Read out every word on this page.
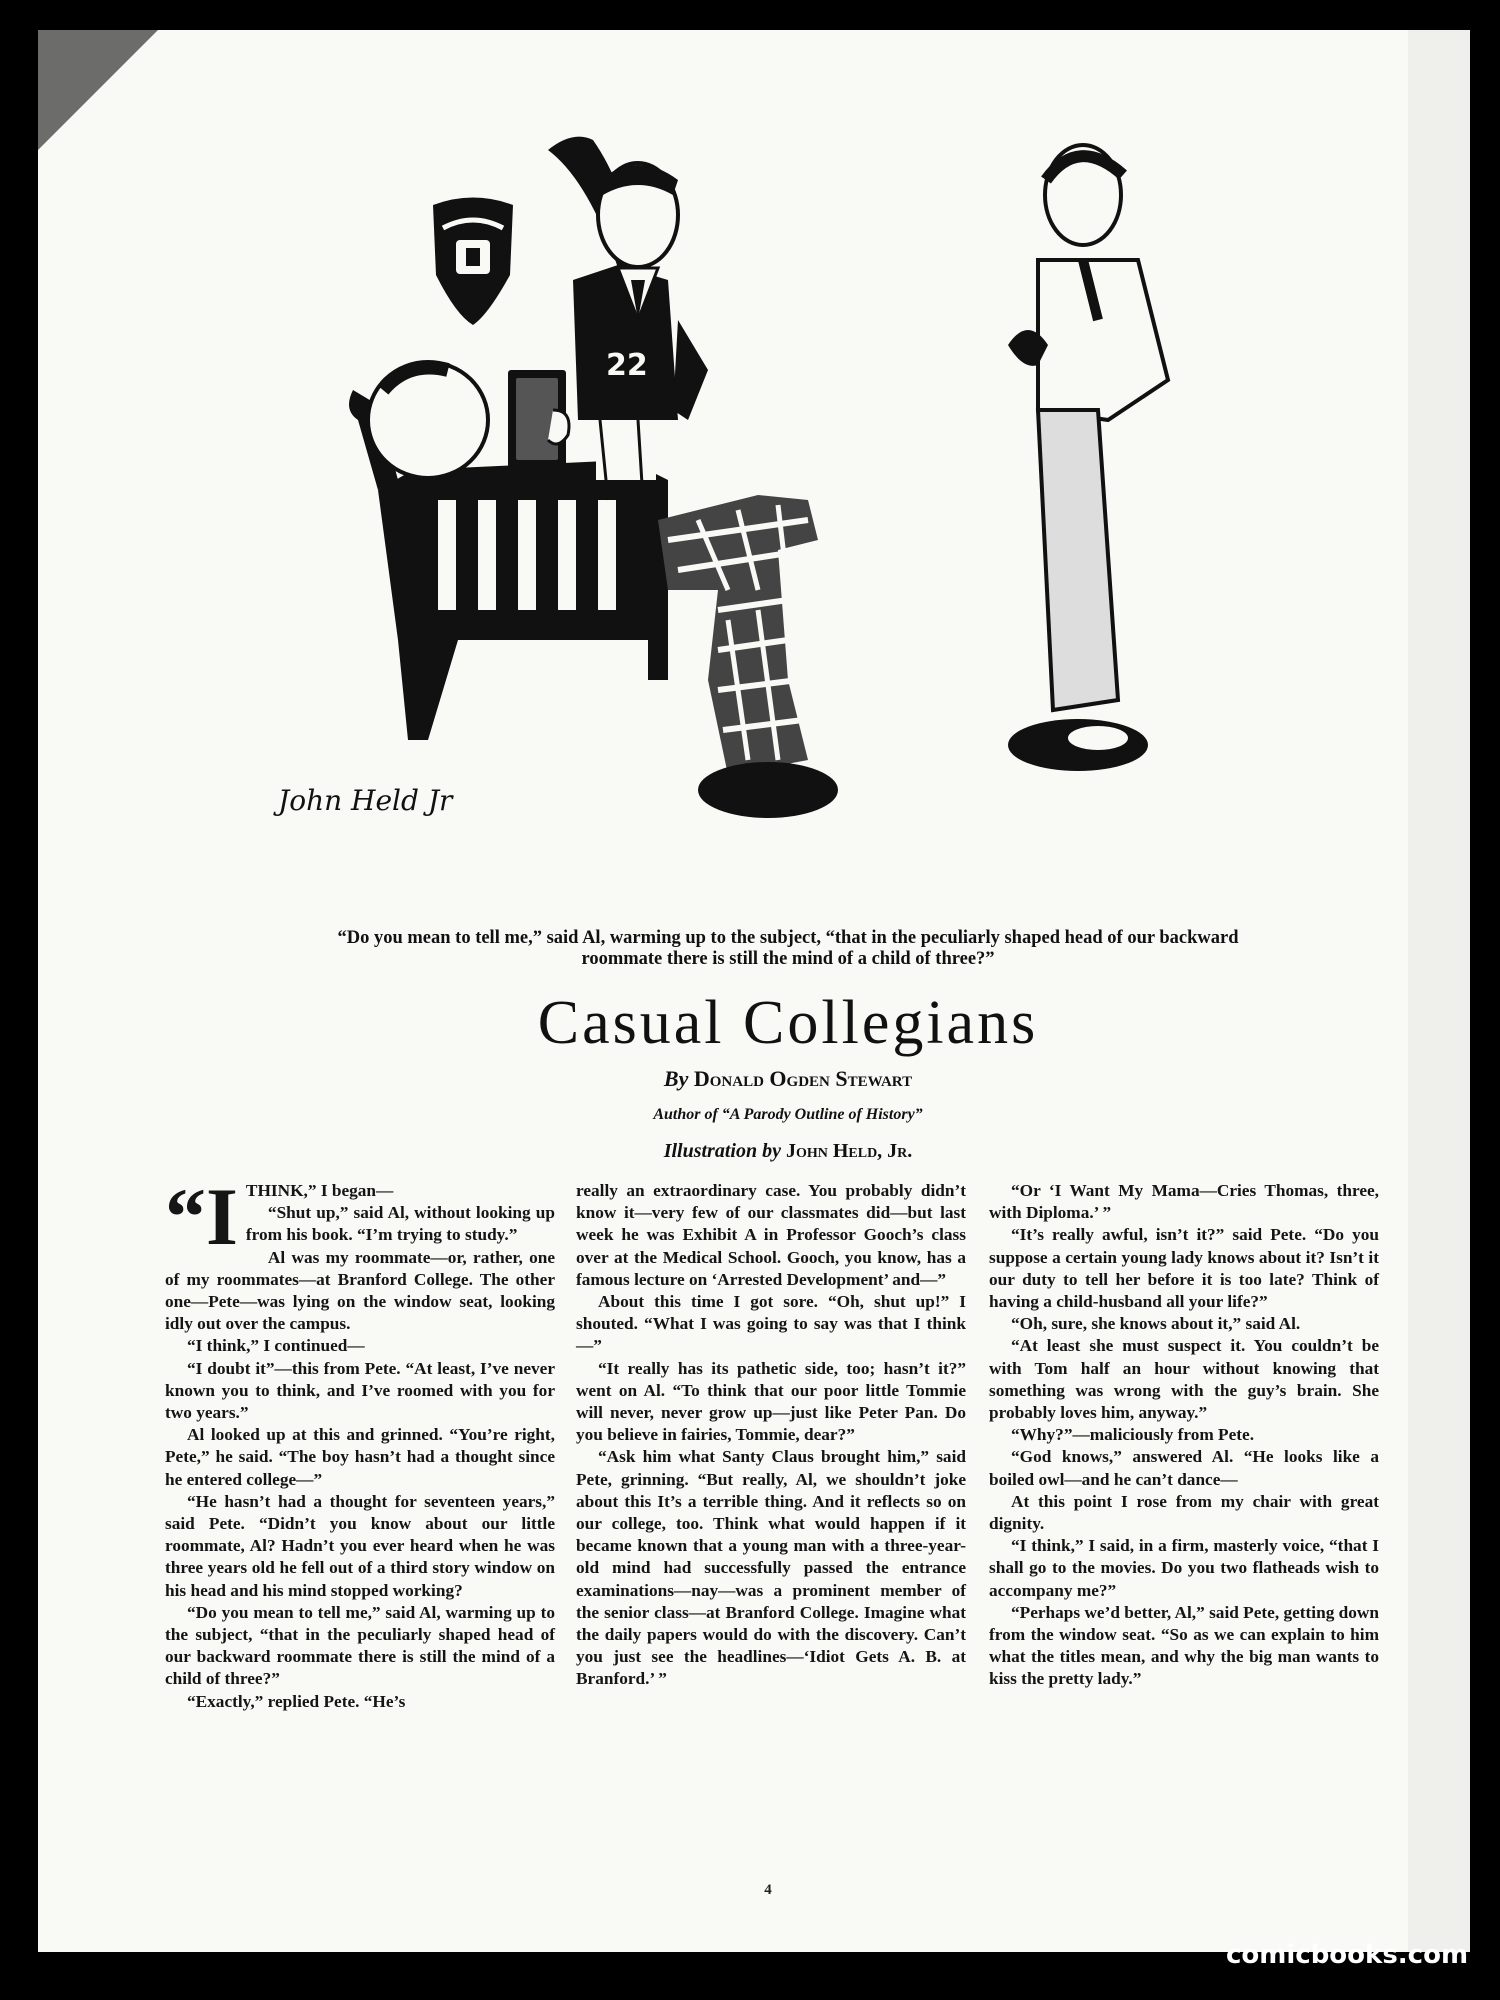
22
John Held Jr
“Do you mean to tell me,” said Al, warming up to the subject, “that in the peculiarly shaped head of our backward roommate there is still the mind of a child of three?”
Casual Collegians
By Donald Ogden Stewart
Author of “A Parody Outline of History”
Illustration by John Held, Jr.

“I THINK,” I began—

“Shut up,” said Al, without looking up from his book. “I’m trying to study.”

Al was my roommate—or, rather, one of my roommates—at Branford College. The other one—Pete—was lying on the window seat, looking idly out over the campus.

“I think,” I continued—

“I doubt it”—this from Pete. “At least, I’ve never known you to think, and I’ve roomed with you for two years.”

Al looked up at this and grinned. “You’re right, Pete,” he said. “The boy hasn’t had a thought since he entered college—”

“He hasn’t had a thought for seventeen years,” said Pete. “Didn’t you know about our little roommate, Al? Hadn’t you ever heard when he was three years old he fell out of a third story window on his head and his mind stopped working?

“Do you mean to tell me,” said Al, warming up to the subject, “that in the peculiarly shaped head of our backward roommate there is still the mind of a child of three?”

“Exactly,” replied Pete. “He’s

really an extraordinary case. You probably didn’t know it—very few of our classmates did—but last week he was Exhibit A in Professor Gooch’s class over at the Medical School. Gooch, you know, has a famous lecture on ‘Arrested Development’ and—”

About this time I got sore. “Oh, shut up!” I shouted. “What I was going to say was that I think—”

“It really has its pathetic side, too; hasn’t it?” went on Al. “To think that our poor little Tommie will never, never grow up—just like Peter Pan. Do you believe in fairies, Tommie, dear?”

“Ask him what Santy Claus brought him,” said Pete, grinning. “But really, Al, we shouldn’t joke about this It’s a terrible thing. And it reflects so on our college, too. Think what would happen if it became known that a young man with a three-year-old mind had successfully passed the entrance examinations—nay—was a prominent member of the senior class—at Branford College. Imagine what the daily papers would do with the discovery. Can’t you just see the headlines—‘Idiot Gets A. B. at Branford.’ ”

“Or ‘I Want My Mama—Cries Thomas, three, with Diploma.’ ”

“It’s really awful, isn’t it?” said Pete. “Do you suppose a certain young lady knows about it? Isn’t it our duty to tell her before it is too late? Think of having a child-husband all your life?”

“Oh, sure, she knows about it,” said Al.

“At least she must suspect it. You couldn’t be with Tom half an hour without knowing that something was wrong with the guy’s brain. She probably loves him, anyway.”

“Why?”—maliciously from Pete.

“God knows,” answered Al. “He looks like a boiled owl—and he can’t dance—

At this point I rose from my chair with great dignity.

“I think,” I said, in a firm, masterly voice, “that I shall go to the movies. Do you two flatheads wish to accompany me?”

“Perhaps we’d better, Al,” said Pete, getting down from the window seat. “So as we can explain to him what the titles mean, and why the big man wants to kiss the pretty lady.”

4
comicbooks.com
